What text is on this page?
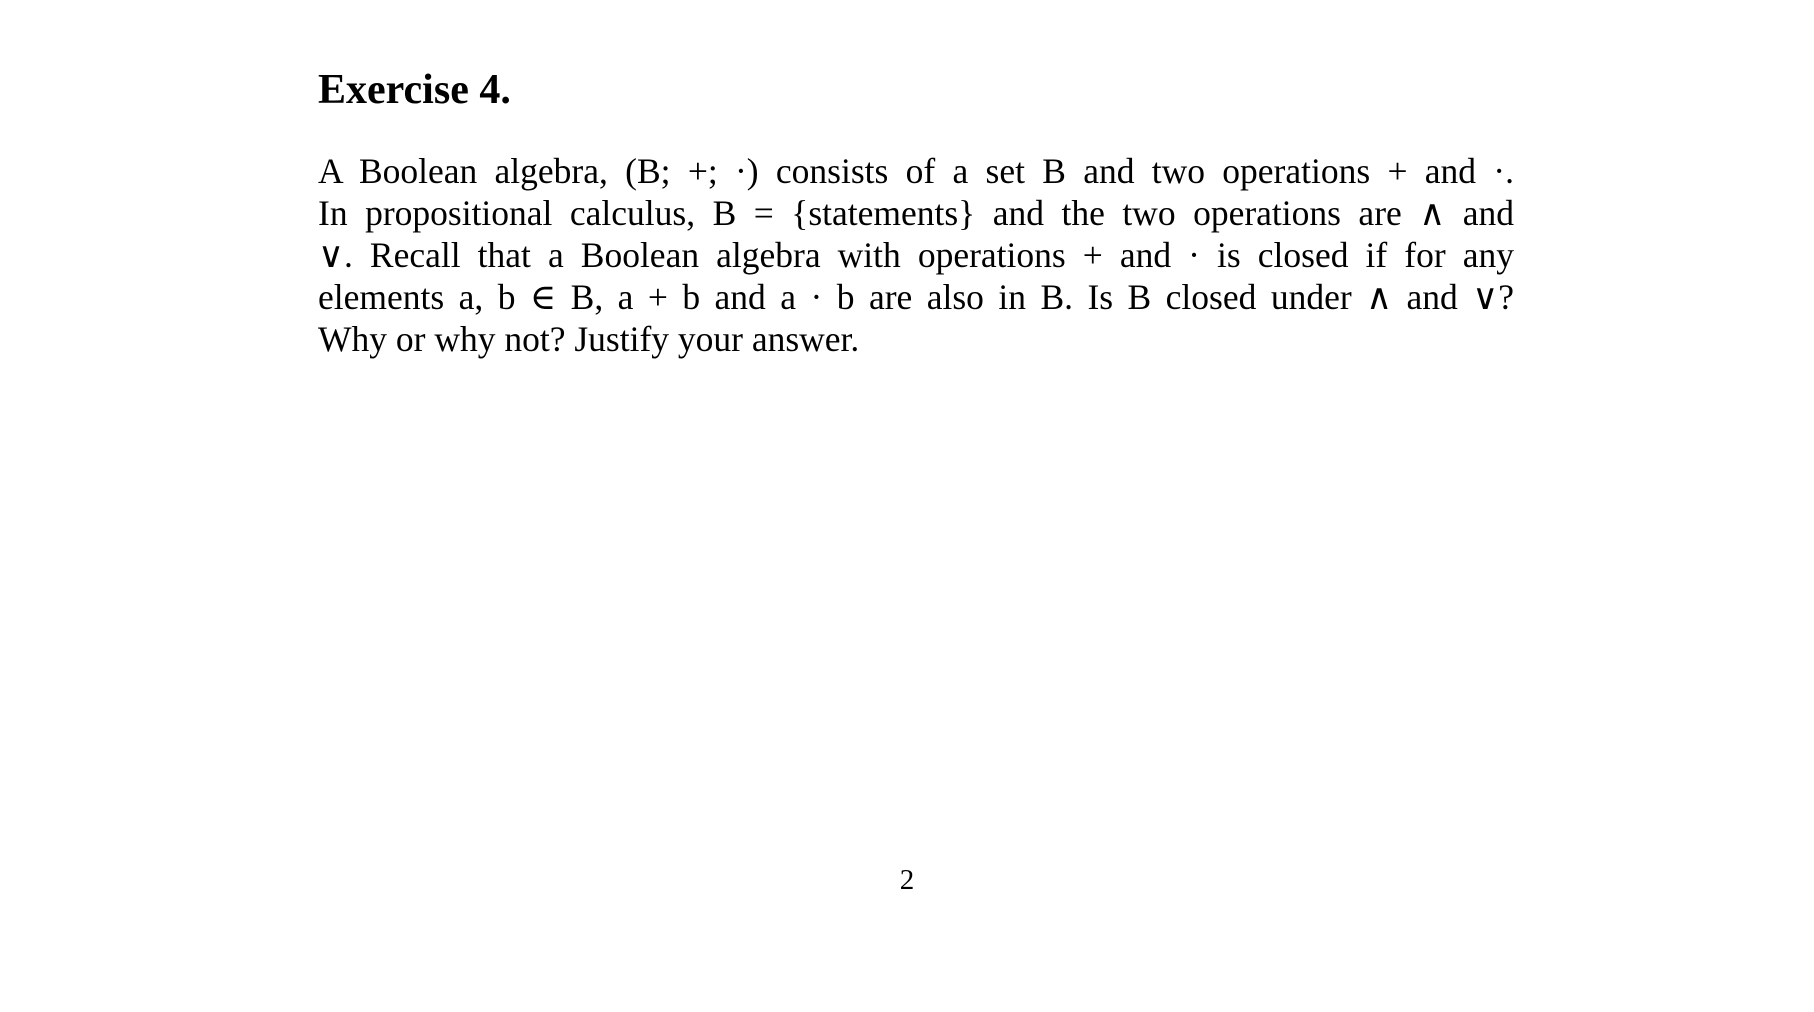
Exercise 4.
A Boolean algebra, (B; +; ·) consists of a set B and two operations + and ·.
In propositional calculus, B = {statements} and the two operations are ∧ and
∨. Recall that a Boolean algebra with operations + and · is closed if for any
elements a, b ∈ B, a + b and a · b are also in B. Is B closed under ∧ and ∨?
Why or why not? Justify your answer.
2
